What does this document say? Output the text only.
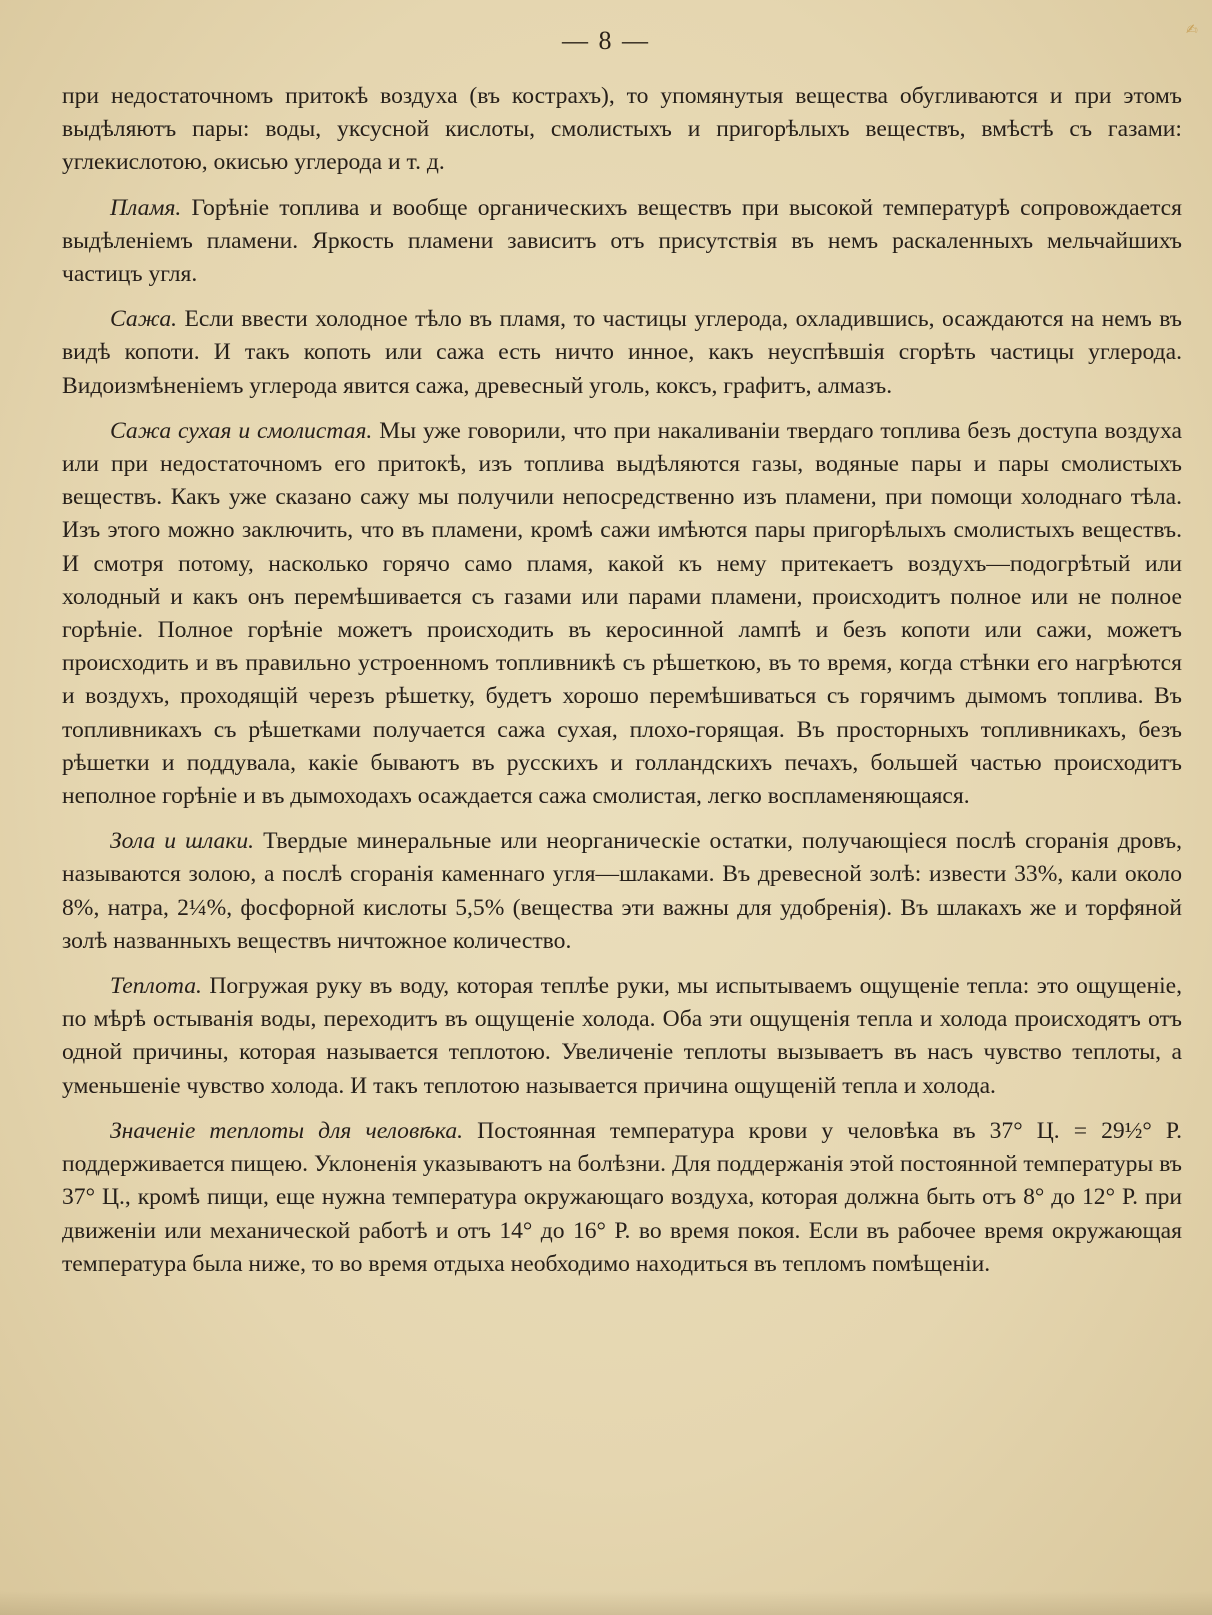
— 8 —	✍

при недостаточномъ притокѣ воздуха (въ кострахъ), то упомянутыя вещества обугливаются и при этомъ выдѣляютъ пары: воды, уксусной кислоты, смолистыхъ и пригорѣлыхъ веществъ, вмѣстѣ съ газами: углекислотою, окисью углерода и т. д.

Пламя. Горѣніе топлива и вообще органическихъ веществъ при высокой температурѣ сопровождается выдѣленіемъ пламени. Яркость пламени зависитъ отъ присутствія въ немъ раскаленныхъ мельчайшихъ частицъ угля.

Сажа. Если ввести холодное тѣло въ пламя, то частицы углерода, охладившись, осаждаются на немъ въ видѣ копоти. И такъ копоть или сажа есть ничто инное, какъ неуспѣвшія сгорѣть частицы углерода. Видоизмѣненіемъ углерода явится сажа, древесный уголь, коксъ, графитъ, алмазъ.

Сажа сухая и смолистая. Мы уже говорили, что при накаливаніи твердаго топлива безъ доступа воздуха или при недостаточномъ его притокѣ, изъ топлива выдѣляются газы, водяные пары и пары смолистыхъ веществъ. Какъ уже сказано сажу мы получили непосредственно изъ пламени, при помощи холоднаго тѣла. Изъ этого можно заключить, что въ пламени, кромѣ сажи имѣются пары пригорѣлыхъ смолистыхъ веществъ. И смотря потому, насколько горячо само пламя, какой къ нему притекаетъ воздухъ—подогрѣтый или холодный и какъ онъ перемѣшивается съ газами или парами пламени, происходитъ полное или не полное горѣніе. Полное горѣніе можетъ происходить въ керосинной лампѣ и безъ копоти или сажи, можетъ происходить и въ правильно устроенномъ топливникѣ съ рѣшеткою, въ то время, когда стѣнки его нагрѣются и воздухъ, проходящій черезъ рѣшетку, будетъ хорошо перемѣшиваться съ горячимъ дымомъ топлива. Въ топливникахъ съ рѣшетками получается сажа сухая, плохо-горящая. Въ просторныхъ топливникахъ, безъ рѣшетки и поддувала, какіе бываютъ въ русскихъ и голландскихъ печахъ, большей частью происходитъ неполное горѣніе и въ дымоходахъ осаждается сажа смолистая, легко воспламеняющаяся.

Зола и шлаки. Твердые минеральные или неорганическіе остатки, получающіеся послѣ сгоранія дровъ, называются золою, а послѣ сгоранія каменнаго угля—шлаками. Въ древесной золѣ: извести 33%, кали около 8%, натра, 2¼%, фосфорной кислоты 5,5% (вещества эти важны для удобренія). Въ шлакахъ же и торфяной золѣ названныхъ веществъ ничтожное количество.

Теплота. Погружая руку въ воду, которая теплѣе руки, мы испытываемъ ощущеніе тепла: это ощущеніе, по мѣрѣ остыванія воды, переходитъ въ ощущеніе холода. Оба эти ощущенія тепла и холода происходятъ отъ одной причины, которая называется теплотою. Увеличеніе теплоты вызываетъ въ насъ чувство теплоты, а уменьшеніе чувство холода. И такъ теплотою называется причина ощущеній тепла и холода.

Значеніе теплоты для человѣка. Постоянная температура крови у человѣка въ 37° Ц. = 29½° Р. поддерживается пищею. Уклоненія указываютъ на болѣзни. Для поддержанія этой постоянной температуры въ 37° Ц., кромѣ пищи, еще нужна температура окружающаго воздуха, которая должна быть отъ 8° до 12° Р. при движеніи или механической работѣ и отъ 14° до 16° Р. во время покоя. Если въ рабочее время окружающая температура была ниже, то во время отдыха необходимо находиться въ тепломъ помѣщеніи.
